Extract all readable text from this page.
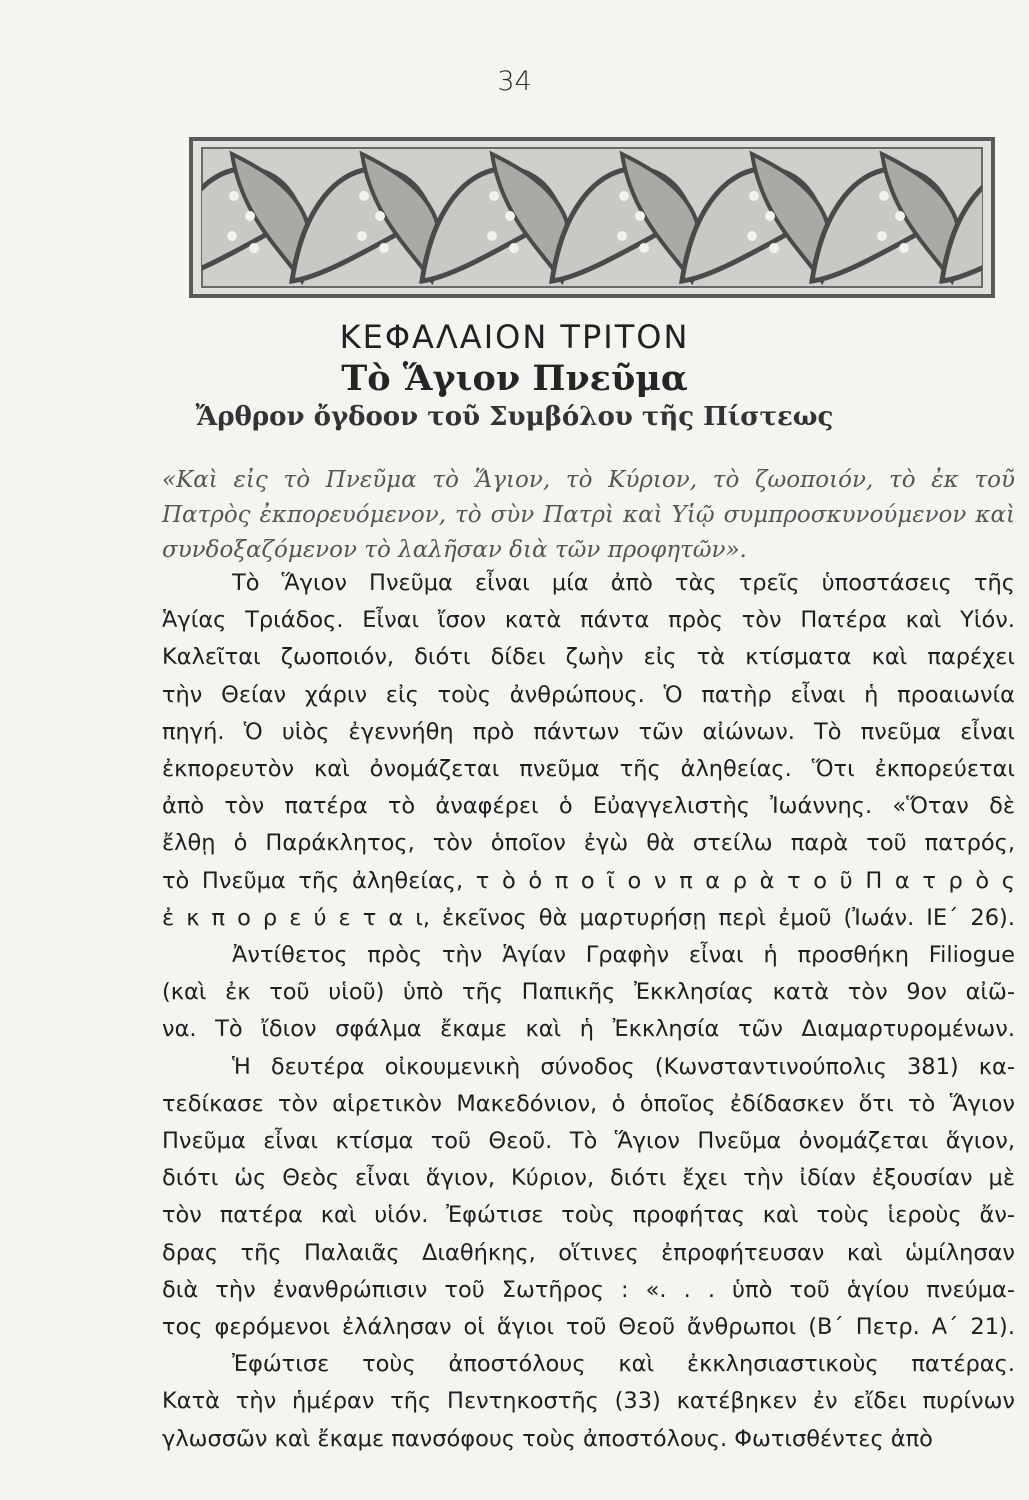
34
ΚΕΦΑΛΑΙΟΝ ΤΡΙΤΟΝ
Τὸ Ἅγιον Πνεῦμα
Ἄρθρον ὄγδοον τοῦ Συμβόλου τῆς Πίστεως
«Καὶ εἰς τὸ Πνεῦμα τὸ Ἅγιον, τὸ Κύριον, τὸ ζωοποιόν, τὸ ἐκ τοῦ
Πατρὸς ἐκπορευόμενον, τὸ σὺν Πατρὶ καὶ Υἱῷ συμπροσκυνούμενον καὶ
συνδοξαζόμενον τὸ λαλῆσαν διὰ τῶν προφητῶν».
Τὸ Ἅγιον Πνεῦμα εἶναι μία ἀπὸ τὰς τρεῖς ὑποστάσεις τῆς
Ἁγίας Τριάδος. Εἶναι ἴσον κατὰ πάντα πρὸς τὸν Πατέρα καὶ Υἱόν.
Καλεῖται ζωοποιόν, διότι δίδει ζωὴν εἰς τὰ κτίσματα καὶ παρέχει
τὴν Θείαν χάριν εἰς τοὺς ἀνθρώπους. Ὁ πατὴρ εἶναι ἡ προαιωνία
πηγή. Ὁ υἱὸς ἐγεννήθη πρὸ πάντων τῶν αἰώνων. Τὸ πνεῦμα εἶναι
ἐκπορευτὸν καὶ ὀνομάζεται πνεῦμα τῆς ἀληθείας. Ὅτι ἐκπορεύεται
ἀπὸ τὸν πατέρα τὸ ἀναφέρει ὁ Εὐαγγελιστὴς Ἰωάννης. «Ὅταν δὲ
ἔλθῃ ὁ Παράκλητος, τὸν ὁποῖον ἐγὼ θὰ στείλω παρὰ τοῦ πατρός,
τὸ Πνεῦμα τῆς ἀληθείας, τ ὸ ὁ π ο ῖ ο ν π α ρ ὰ τ ο ῦ Π α τ ρ ὸ ς
ἐ κ π ο ρ ε ύ ε τ α ι, ἐκεῖνος θὰ μαρτυρήσῃ περὶ ἐμοῦ (Ἰωάν. ΙΕ΄ 26).
Ἀντίθετος πρὸς τὴν Ἁγίαν Γραφὴν εἶναι ἡ προσθήκη Filiogue
(καὶ ἐκ τοῦ υἱοῦ) ὑπὸ τῆς Παπικῆς Ἐκκλησίας κατὰ τὸν 9ον αἰῶ-
να. Τὸ ἴδιον σφάλμα ἔκαμε καὶ ἡ Ἐκκλησία τῶν Διαμαρτυρομένων.
Ἡ δευτέρα οἰκουμενικὴ σύνοδος (Κωνσταντινούπολις 381) κα-
τεδίκασε τὸν αἱρετικὸν Μακεδόνιον, ὁ ὁποῖος ἐδίδασκεν ὅτι τὸ Ἅγιον
Πνεῦμα εἶναι κτίσμα τοῦ Θεοῦ. Τὸ Ἅγιον Πνεῦμα ὀνομάζεται ἅγιον,
διότι ὡς Θεὸς εἶναι ἅγιον, Κύριον, διότι ἔχει τὴν ἰδίαν ἐξουσίαν μὲ
τὸν πατέρα καὶ υἱόν. Ἐφώτισε τοὺς προφήτας καὶ τοὺς ἱεροὺς ἄν-
δρας τῆς Παλαιᾶς Διαθήκης, οἵτινες ἐπροφήτευσαν καὶ ὡμίλησαν
διὰ τὴν ἐνανθρώπισιν τοῦ Σωτῆρος : «. . . ὑπὸ τοῦ ἁγίου πνεύμα-
τος φερόμενοι ἐλάλησαν οἱ ἅγιοι τοῦ Θεοῦ ἄνθρωποι (Β΄ Πετρ. Α΄ 21).
Ἐφώτισε τοὺς ἀποστόλους καὶ ἐκκλησιαστικοὺς πατέρας.
Κατὰ τὴν ἡμέραν τῆς Πεντηκοστῆς (33) κατέβηκεν ἐν εἴδει πυρίνων
γλωσσῶν καὶ ἔκαμε πανσόφους τοὺς ἀποστόλους. Φωτισθέντες ἀπὸ
